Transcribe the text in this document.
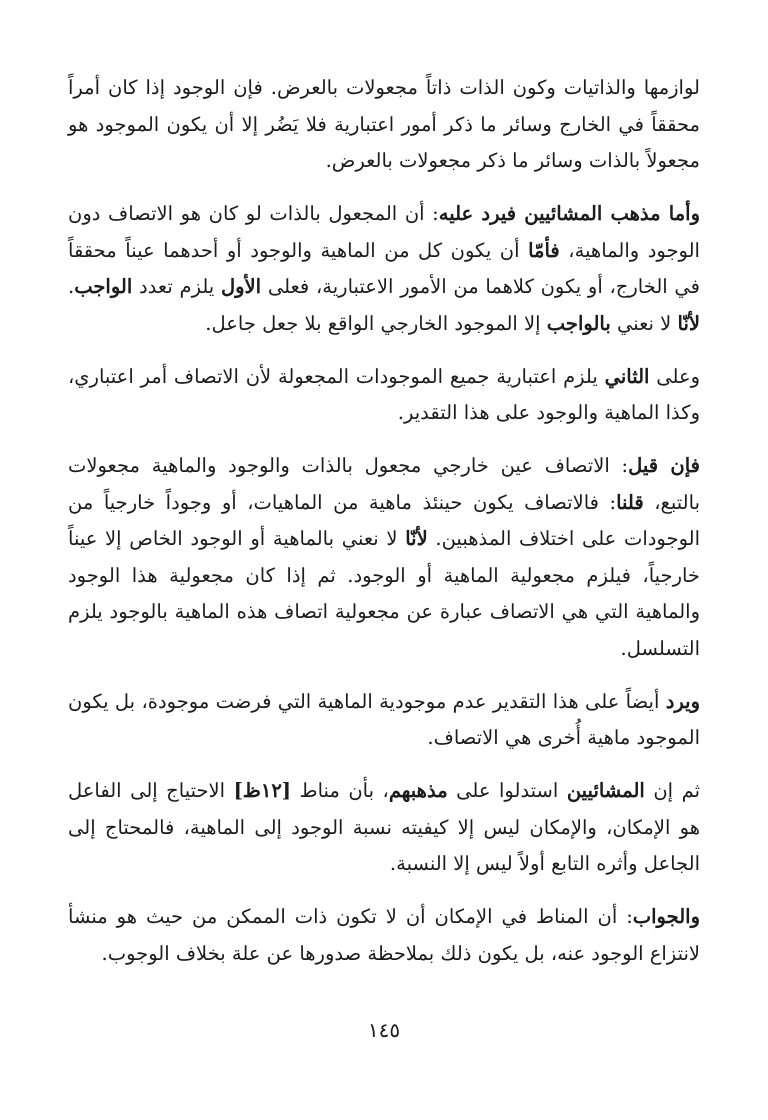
لوازمها والذاتيات وكون الذات ذاتاً مجعولات بالعرض. فإن الوجود إذا كان أمراً محققاً في الخارج وسائر ما ذكر أمور اعتبارية فلا يَضُر إلا أن يكون الموجود هو مجعولاً بالذات وسائر ما ذكر مجعولات بالعرض.

وأما مذهب المشائيين فيرد عليه: أن المجعول بالذات لو كان هو الاتصاف دون الوجود والماهية، فأمّا أن يكون كل من الماهية والوجود أو أحدهما عيناً محققاً في الخارج، أو يكون كلاهما من الأمور الاعتبارية، فعلى الأول يلزم تعدد الواجب. لأنّا لا نعني بالواجب إلا الموجود الخارجي الواقع بلا جعل جاعل.

وعلى الثاني يلزم اعتبارية جميع الموجودات المجعولة لأن الاتصاف أمر اعتباري، وكذا الماهية والوجود على هذا التقدير.

فإن قيل: الاتصاف عين خارجي مجعول بالذات والوجود والماهية مجعولات بالتبع، قلنا: فالاتصاف يكون حينئذ ماهية من الماهيات، أو وجوداً خارجياً من الوجودات على اختلاف المذهبين. لأنّا لا نعني بالماهية أو الوجود الخاص إلا عيناً خارجياً، فيلزم مجعولية الماهية أو الوجود. ثم إذا كان مجعولية هذا الوجود والماهية التي هي الاتصاف عبارة عن مجعولية اتصاف هذه الماهية بالوجود يلزم التسلسل.

ويرد أيضاً على هذا التقدير عدم موجودية الماهية التي فرضت موجودة، بل يكون الموجود ماهية أُخرى هي الاتصاف.

ثم إن المشائيين استدلوا على مذهبهم، بأن مناط [١٢ظ] الاحتياج إلى الفاعل هو الإمكان، والإمكان ليس إلا كيفيته نسبة الوجود إلى الماهية، فالمحتاج إلى الجاعل وأثره التابع أولاً ليس إلا النسبة.

والجواب: أن المناط في الإمكان أن لا تكون ذات الممكن من حيث هو منشأ لانتزاع الوجود عنه، بل يكون ذلك بملاحظة صدورها عن علة بخلاف الوجوب.

١٤٥
